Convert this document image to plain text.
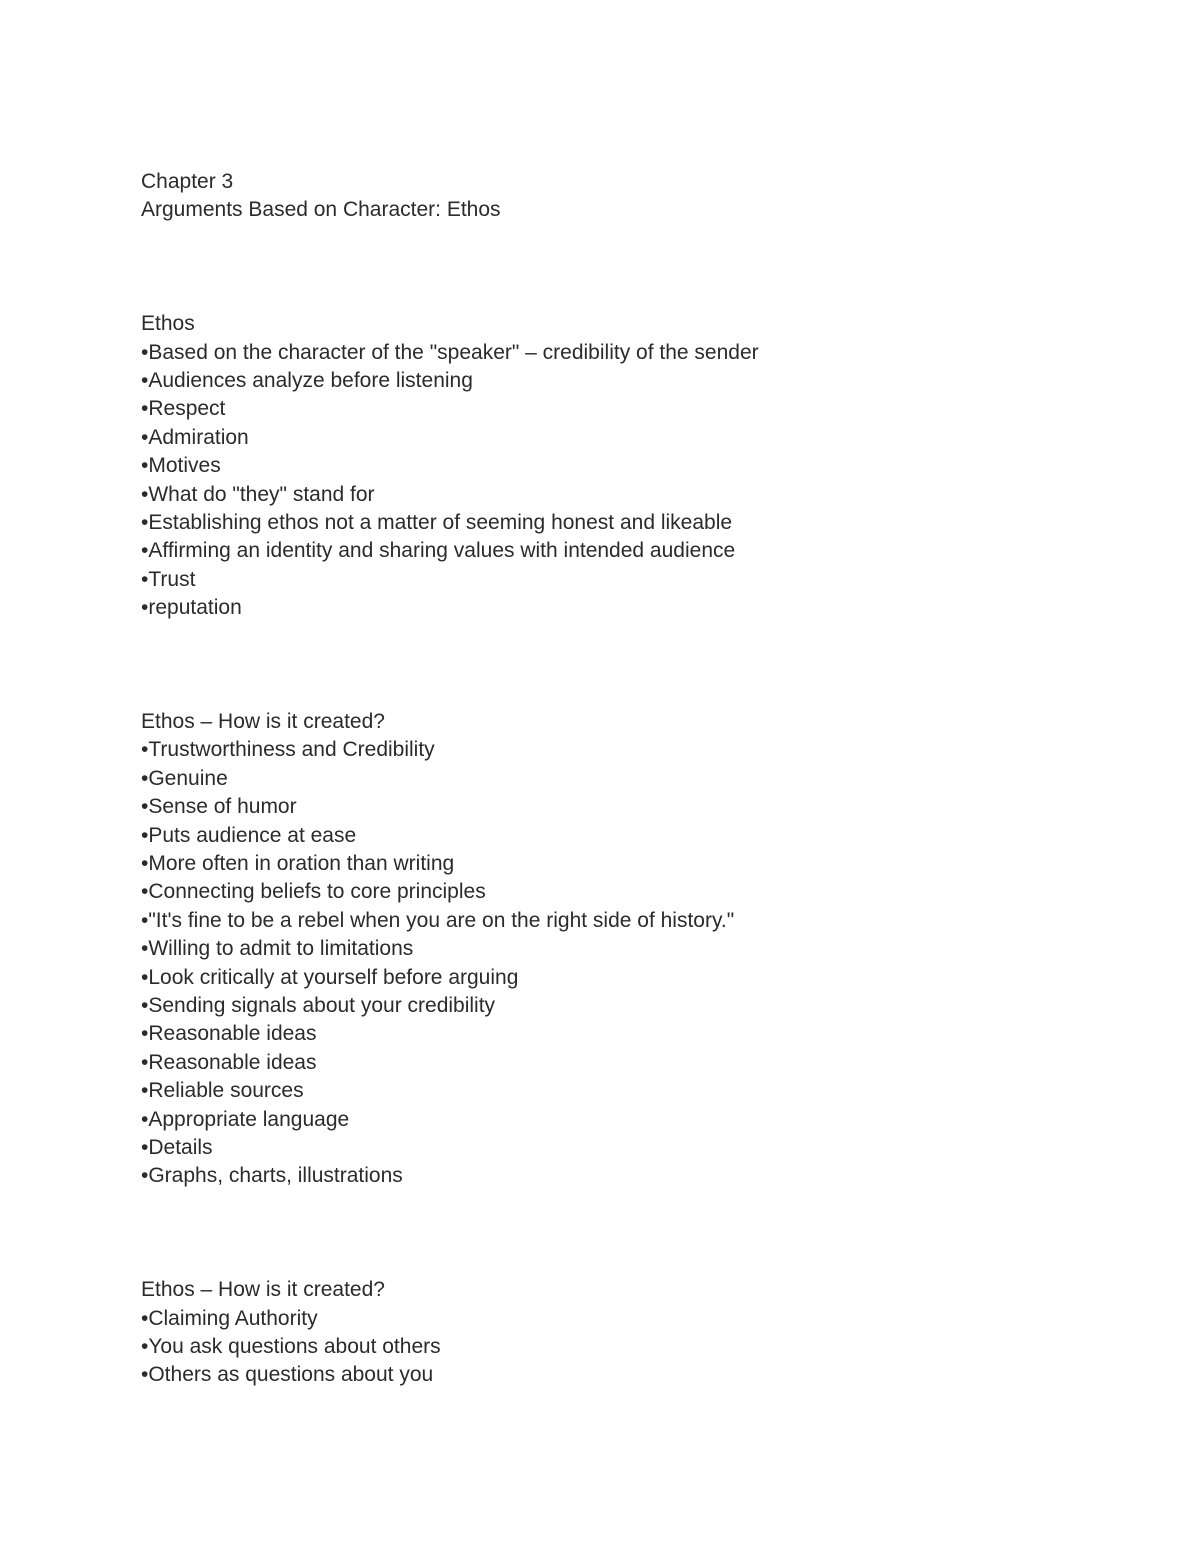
Chapter 3

Arguments Based on Character: Ethos

Ethos

•Based on the character of the "speaker" – credibility of the sender
•Audiences analyze before listening
•Respect
•Admiration
•Motives
•What do "they" stand for
•Establishing ethos not a matter of seeming honest and likeable
•Affirming an identity and sharing values with intended audience
•Trust
•reputation

Ethos – How is it created?

•Trustworthiness and Credibility
•Genuine
•Sense of humor
•Puts audience at ease
•More often in oration than writing
•Connecting beliefs to core principles
•"It's fine to be a rebel when you are on the right side of history."
•Willing to admit to limitations
•Look critically at yourself before arguing
•Sending signals about your credibility
•Reasonable ideas
•Reasonable ideas
•Reliable sources
•Appropriate language
•Details
•Graphs, charts, illustrations

Ethos – How is it created?

•Claiming Authority
•You ask questions about others
•Others as questions about you
